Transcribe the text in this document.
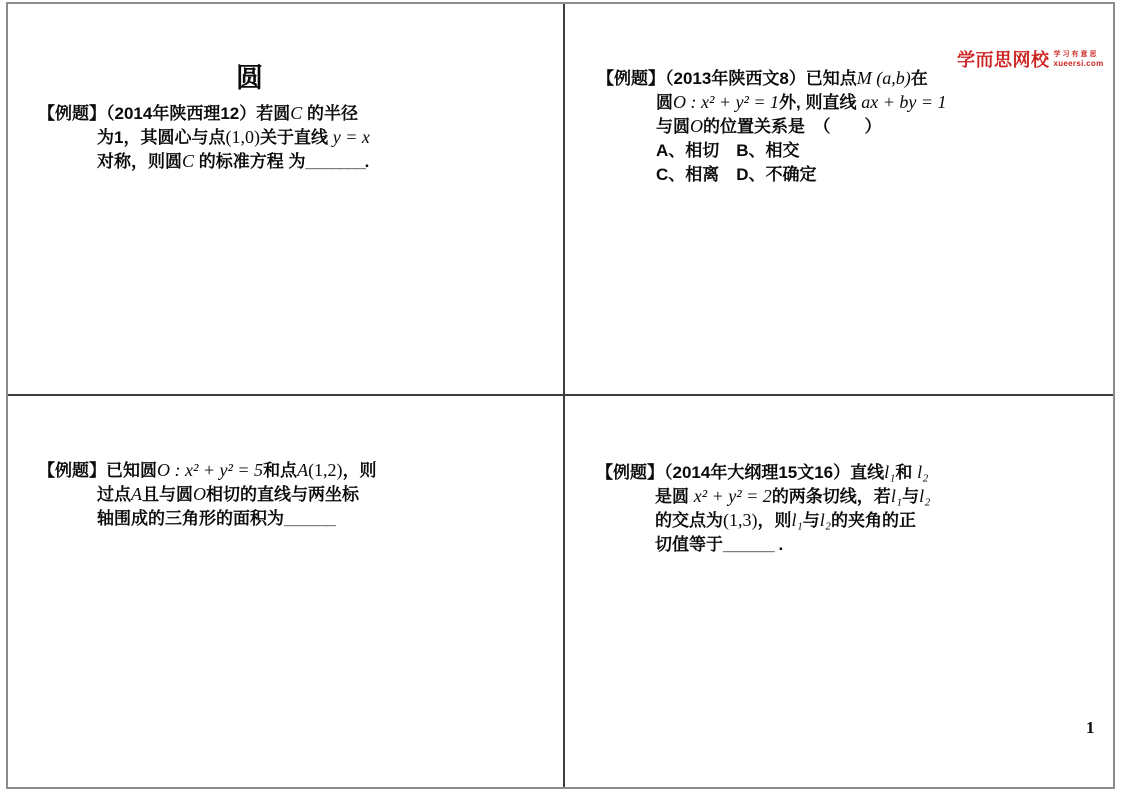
圆
【例题】（2014年陕西理12）若圆C 的半径
为1，其圆心与点(1,0)关于直线 y = x
对称，则圆C 的标准方程 为_______.
学而思网校 学习有意思
xueersi.com
【例题】（2013年陕西文8）已知点M (a,b)在
圆O : x² + y² = 1外, 则直线 ax + by = 1
与圆O的位置关系是　（　　）
A、相切　B、相交
C、相离　D、不确定
【例题】已知圆O : x² + y² = 5和点A(1,2)，则
过点A且与圆O相切的直线与两坐标
轴围成的三角形的面积为______
【例题】（2014年大纲理15文16）直线l₁和 l₂
是圆 x² + y² = 2的两条切线，若l₁与l₂
的交点为(1,3)，则l₁与l₂的夹角的正
切值等于______ .
1
